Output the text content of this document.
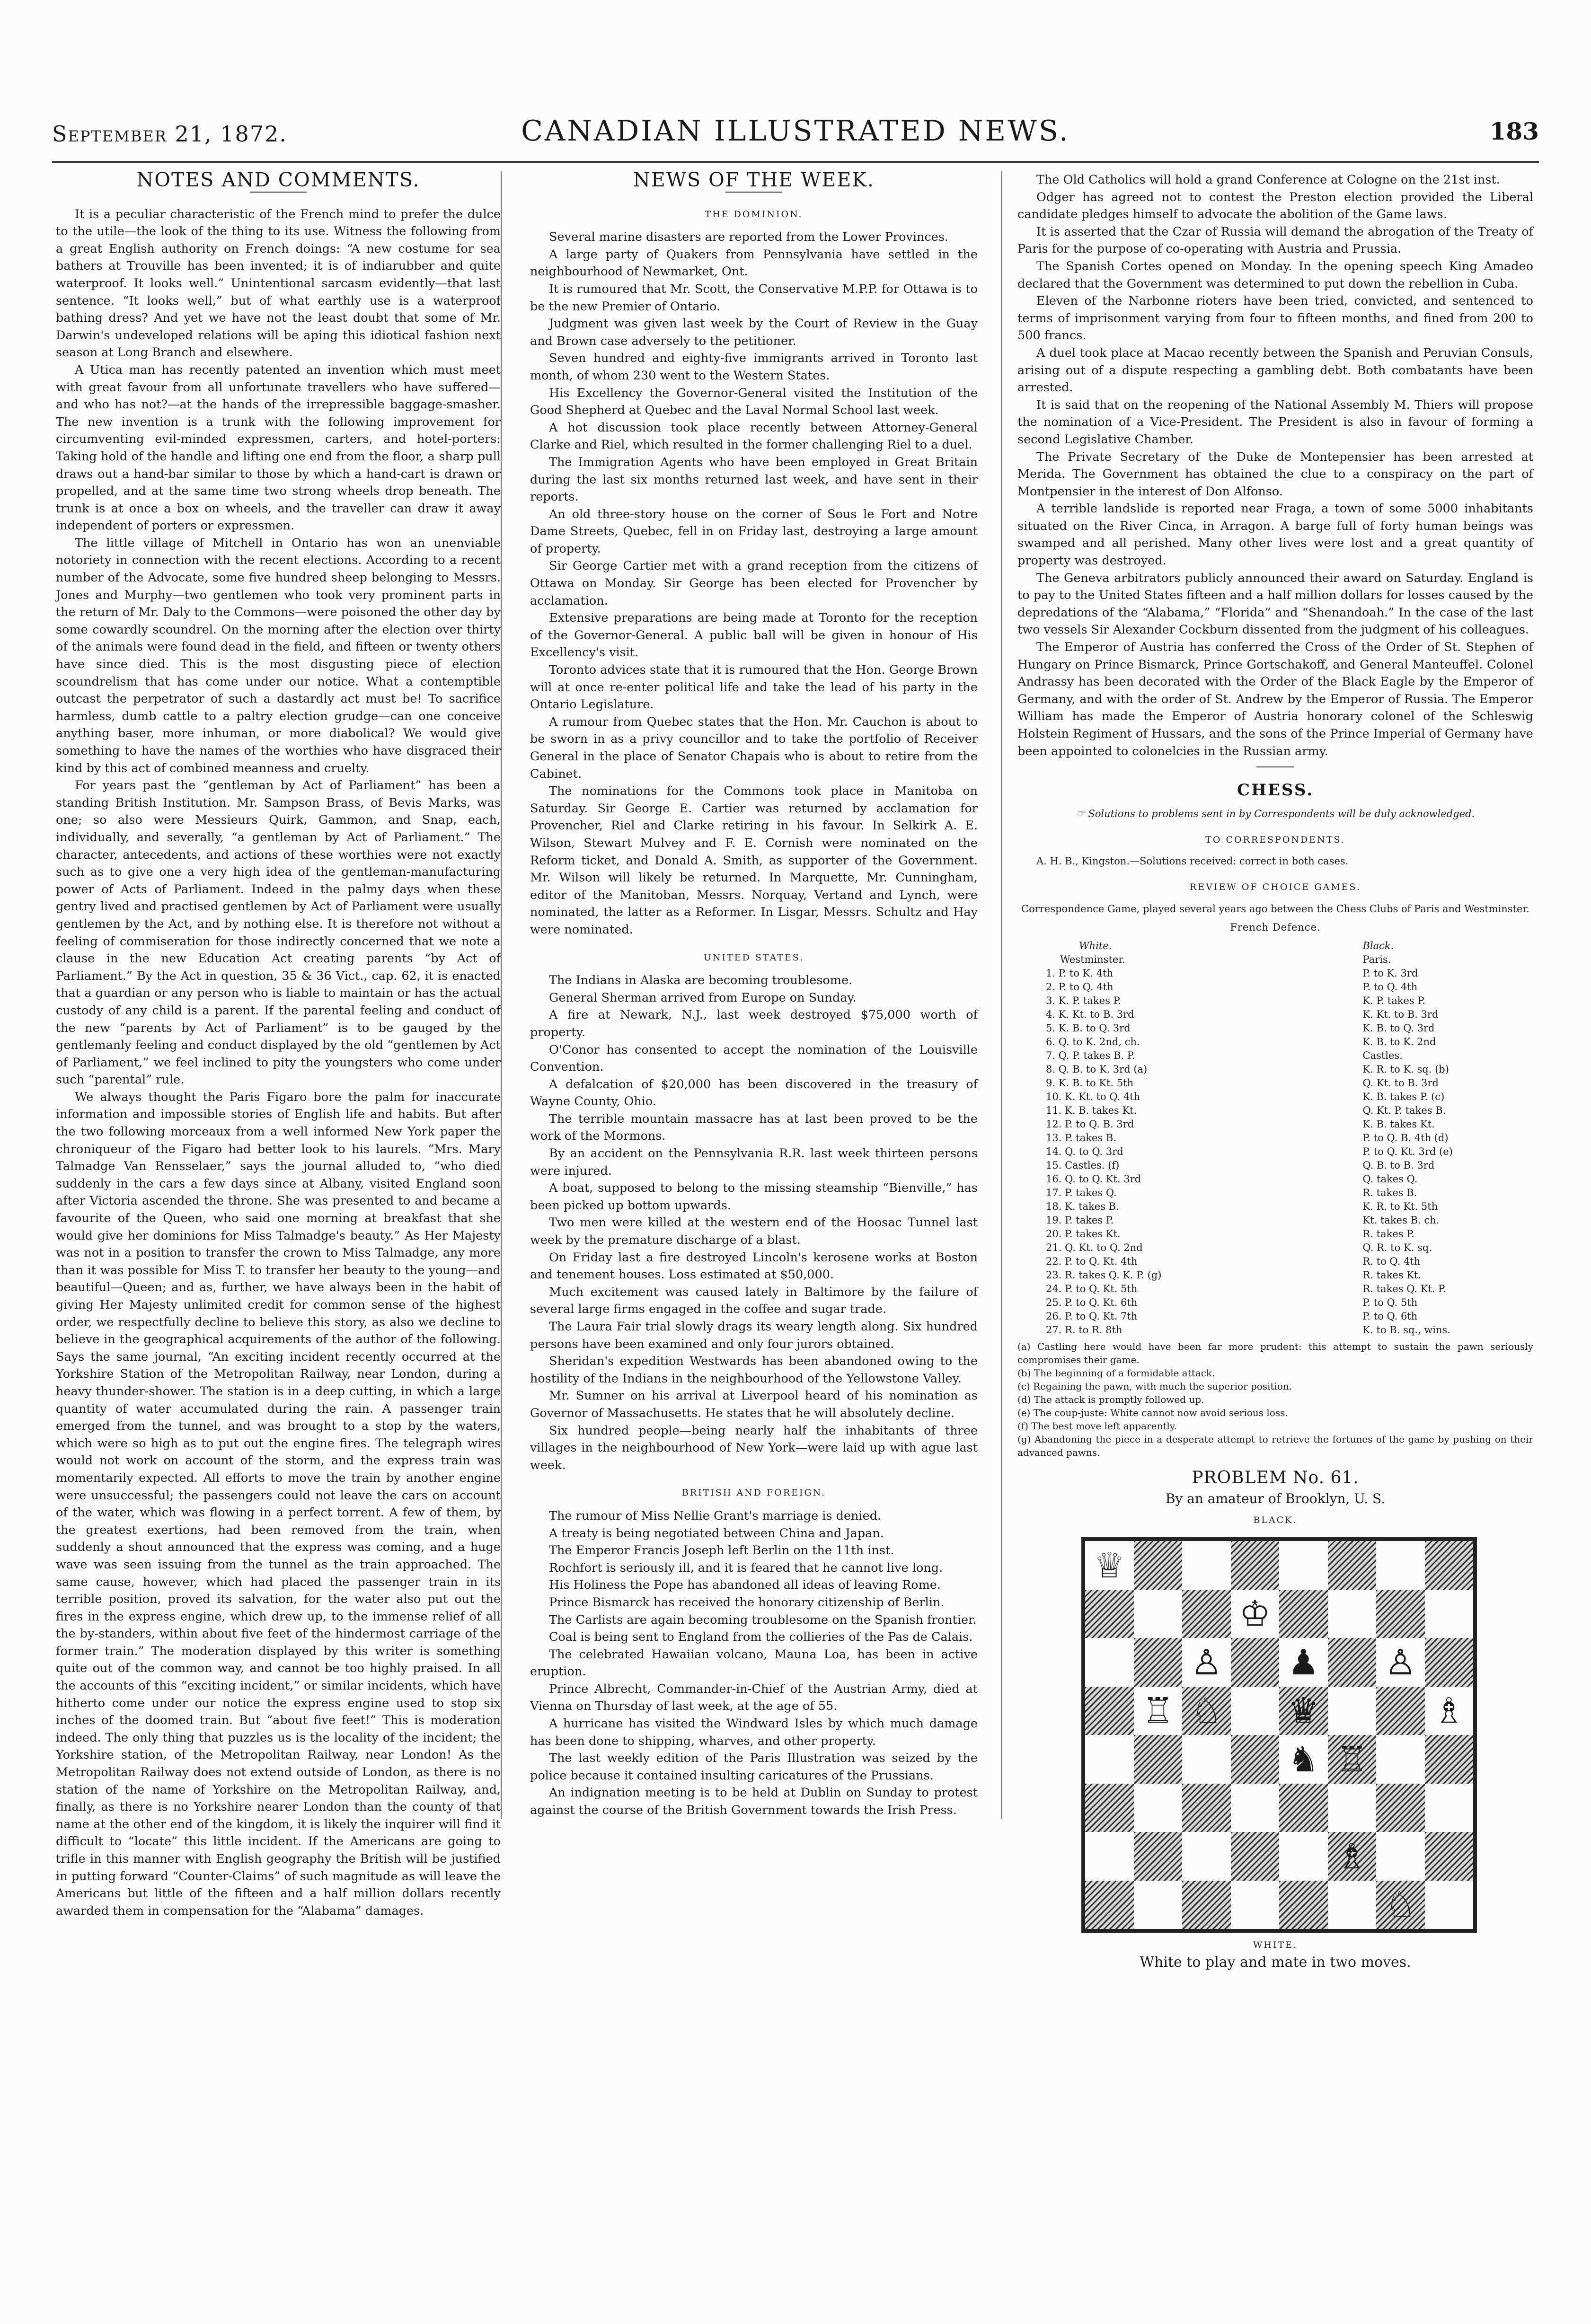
September 21, 1872.	CANADIAN ILLUSTRATED NEWS.	183
NOTES AND COMMENTS.

It is a peculiar characteristic of the French mind to prefer the dulce to the utile—the look of the thing to its use. Witness the following from a great English authority on French doings: “A new costume for sea bathers at Trouville has been invented; it is of indiarubber and quite waterproof. It looks well.” Unintentional sarcasm evidently—that last sentence. “It looks well,” but of what earthly use is a waterproof bathing dress? And yet we have not the least doubt that some of Mr. Darwin's undeveloped relations will be aping this idiotical fashion next season at Long Branch and elsewhere.

A Utica man has recently patented an invention which must meet with great favour from all unfortunate travellers who have suffered—and who has not?—at the hands of the irrepressible baggage-smasher. The new invention is a trunk with the following improvement for circumventing evil-minded expressmen, carters, and hotel-porters: Taking hold of the handle and lifting one end from the floor, a sharp pull draws out a hand-bar similar to those by which a hand-cart is drawn or propelled, and at the same time two strong wheels drop beneath. The trunk is at once a box on wheels, and the traveller can draw it away independent of porters or expressmen.

The little village of Mitchell in Ontario has won an unenviable notoriety in connection with the recent elections. According to a recent number of the Advocate, some five hundred sheep belonging to Messrs. Jones and Murphy—two gentlemen who took very prominent parts in the return of Mr. Daly to the Commons—were poisoned the other day by some cowardly scoundrel. On the morning after the election over thirty of the animals were found dead in the field, and fifteen or twenty others have since died. This is the most disgusting piece of election scoundrelism that has come under our notice. What a contemptible outcast the perpetrator of such a dastardly act must be! To sacrifice harmless, dumb cattle to a paltry election grudge—can one conceive anything baser, more inhuman, or more diabolical? We would give something to have the names of the worthies who have disgraced their kind by this act of combined meanness and cruelty.

For years past the “gentleman by Act of Parliament” has been a standing British Institution. Mr. Sampson Brass, of Bevis Marks, was one; so also were Messieurs Quirk, Gammon, and Snap, each, individually, and severally, “a gentleman by Act of Parliament.” The character, antecedents, and actions of these worthies were not exactly such as to give one a very high idea of the gentleman-manufacturing power of Acts of Parliament. Indeed in the palmy days when these gentry lived and practised gentlemen by Act of Parliament were usually gentlemen by the Act, and by nothing else. It is therefore not without a feeling of commiseration for those indirectly concerned that we note a clause in the new Education Act creating parents “by Act of Parliament.” By the Act in question, 35 & 36 Vict., cap. 62, it is enacted that a guardian or any person who is liable to maintain or has the actual custody of any child is a parent. If the parental feeling and conduct of the new “parents by Act of Parliament” is to be gauged by the gentlemanly feeling and conduct displayed by the old “gentlemen by Act of Parliament,” we feel inclined to pity the youngsters who come under such “parental” rule.

We always thought the Paris Figaro bore the palm for inaccurate information and impossible stories of English life and habits. But after the two following morceaux from a well informed New York paper the chroniqueur of the Figaro had better look to his laurels. “Mrs. Mary Talmadge Van Rensselaer,” says the journal alluded to, “who died suddenly in the cars a few days since at Albany, visited England soon after Victoria ascended the throne. She was presented to and became a favourite of the Queen, who said one morning at breakfast that she would give her dominions for Miss Talmadge's beauty.” As Her Majesty was not in a position to transfer the crown to Miss Talmadge, any more than it was possible for Miss T. to transfer her beauty to the young—and beautiful—Queen; and as, further, we have always been in the habit of giving Her Majesty unlimited credit for common sense of the highest order, we respectfully decline to believe this story, as also we decline to believe in the geographical acquirements of the author of the following. Says the same journal, “An exciting incident recently occurred at the Yorkshire Station of the Metropolitan Railway, near London, during a heavy thunder-shower. The station is in a deep cutting, in which a large quantity of water accumulated during the rain. A passenger train emerged from the tunnel, and was brought to a stop by the waters, which were so high as to put out the engine fires. The telegraph wires would not work on account of the storm, and the express train was momentarily expected. All efforts to move the train by another engine were unsuccessful; the passengers could not leave the cars on account of the water, which was flowing in a perfect torrent. A few of them, by the greatest exertions, had been removed from the train, when suddenly a shout announced that the express was coming, and a huge wave was seen issuing from the tunnel as the train approached. The same cause, however, which had placed the passenger train in its terrible position, proved its salvation, for the water also put out the fires in the express engine, which drew up, to the immense relief of all the by-standers, within about five feet of the hindermost carriage of the former train.” The moderation displayed by this writer is something quite out of the common way, and cannot be too highly praised. In all the accounts of this “exciting incident,” or similar incidents, which have hitherto come under our notice the express engine used to stop six inches of the doomed train. But “about five feet!” This is moderation indeed. The only thing that puzzles us is the locality of the incident; the Yorkshire station, of the Metropolitan Railway, near London! As the Metropolitan Railway does not extend outside of London, as there is no station of the name of Yorkshire on the Metropolitan Railway, and, finally, as there is no Yorkshire nearer London than the county of that name at the other end of the kingdom, it is likely the inquirer will find it difficult to “locate” this little incident. If the Americans are going to trifle in this manner with English geography the British will be justified in putting forward “Counter-Claims” of such magnitude as will leave the Americans but little of the fifteen and a half million dollars recently awarded them in compensation for the “Alabama” damages.

NEWS OF THE WEEK.
THE DOMINION.

Several marine disasters are reported from the Lower Provinces.

A large party of Quakers from Pennsylvania have settled in the neighbourhood of Newmarket, Ont.

It is rumoured that Mr. Scott, the Conservative M.P.P. for Ottawa is to be the new Premier of Ontario.

Judgment was given last week by the Court of Review in the Guay and Brown case adversely to the petitioner.

Seven hundred and eighty-five immigrants arrived in Toronto last month, of whom 230 went to the Western States.

His Excellency the Governor-General visited the Institution of the Good Shepherd at Quebec and the Laval Normal School last week.

A hot discussion took place recently between Attorney-General Clarke and Riel, which resulted in the former challenging Riel to a duel.

The Immigration Agents who have been employed in Great Britain during the last six months returned last week, and have sent in their reports.

An old three-story house on the corner of Sous le Fort and Notre Dame Streets, Quebec, fell in on Friday last, destroying a large amount of property.

Sir George Cartier met with a grand reception from the citizens of Ottawa on Monday. Sir George has been elected for Provencher by acclamation.

Extensive preparations are being made at Toronto for the reception of the Governor-General. A public ball will be given in honour of His Excellency's visit.

Toronto advices state that it is rumoured that the Hon. George Brown will at once re-enter political life and take the lead of his party in the Ontario Legislature.

A rumour from Quebec states that the Hon. Mr. Cauchon is about to be sworn in as a privy councillor and to take the portfolio of Receiver General in the place of Senator Chapais who is about to retire from the Cabinet.

The nominations for the Commons took place in Manitoba on Saturday. Sir George E. Cartier was returned by acclamation for Provencher, Riel and Clarke retiring in his favour. In Selkirk A. E. Wilson, Stewart Mulvey and F. E. Cornish were nominated on the Reform ticket, and Donald A. Smith, as supporter of the Government. Mr. Wilson will likely be returned. In Marquette, Mr. Cunningham, editor of the Manitoban, Messrs. Norquay, Vertand and Lynch, were nominated, the latter as a Reformer. In Lisgar, Messrs. Schultz and Hay were nominated.

UNITED STATES.

The Indians in Alaska are becoming troublesome.

General Sherman arrived from Europe on Sunday.

A fire at Newark, N.J., last week destroyed $75,000 worth of property.

O'Conor has consented to accept the nomination of the Louisville Convention.

A defalcation of $20,000 has been discovered in the treasury of Wayne County, Ohio.

The terrible mountain massacre has at last been proved to be the work of the Mormons.

By an accident on the Pennsylvania R.R. last week thirteen persons were injured.

A boat, supposed to belong to the missing steamship “Bienville,” has been picked up bottom upwards.

Two men were killed at the western end of the Hoosac Tunnel last week by the premature discharge of a blast.

On Friday last a fire destroyed Lincoln's kerosene works at Boston and tenement houses. Loss estimated at $50,000.

Much excitement was caused lately in Baltimore by the failure of several large firms engaged in the coffee and sugar trade.

The Laura Fair trial slowly drags its weary length along. Six hundred persons have been examined and only four jurors obtained.

Sheridan's expedition Westwards has been abandoned owing to the hostility of the Indians in the neighbourhood of the Yellowstone Valley.

Mr. Sumner on his arrival at Liverpool heard of his nomination as Governor of Massachusetts. He states that he will absolutely decline.

Six hundred people—being nearly half the inhabitants of three villages in the neighbourhood of New York—were laid up with ague last week.

BRITISH AND FOREIGN.

The rumour of Miss Nellie Grant's marriage is denied.

A treaty is being negotiated between China and Japan.

The Emperor Francis Joseph left Berlin on the 11th inst.

Rochfort is seriously ill, and it is feared that he cannot live long.

His Holiness the Pope has abandoned all ideas of leaving Rome.

Prince Bismarck has received the honorary citizenship of Berlin.

The Carlists are again becoming troublesome on the Spanish frontier.

Coal is being sent to England from the collieries of the Pas de Calais.

The celebrated Hawaiian volcano, Mauna Loa, has been in active eruption.

Prince Albrecht, Commander-in-Chief of the Austrian Army, died at Vienna on Thursday of last week, at the age of 55.

A hurricane has visited the Windward Isles by which much damage has been done to shipping, wharves, and other property.

The last weekly edition of the Paris Illustration was seized by the police because it contained insulting caricatures of the Prussians.

An indignation meeting is to be held at Dublin on Sunday to protest against the course of the British Government towards the Irish Press.

The Old Catholics will hold a grand Conference at Cologne on the 21st inst.

Odger has agreed not to contest the Preston election provided the Liberal candidate pledges himself to advocate the abolition of the Game laws.

It is asserted that the Czar of Russia will demand the abrogation of the Treaty of Paris for the purpose of co-operating with Austria and Prussia.

The Spanish Cortes opened on Monday. In the opening speech King Amadeo declared that the Government was determined to put down the rebellion in Cuba.

Eleven of the Narbonne rioters have been tried, convicted, and sentenced to terms of imprisonment varying from four to fifteen months, and fined from 200 to 500 francs.

A duel took place at Macao recently between the Spanish and Peruvian Consuls, arising out of a dispute respecting a gambling debt. Both combatants have been arrested.

It is said that on the reopening of the National Assembly M. Thiers will propose the nomination of a Vice-President. The President is also in favour of forming a second Legislative Chamber.

The Private Secretary of the Duke de Montepensier has been arrested at Merida. The Government has obtained the clue to a conspiracy on the part of Montpensier in the interest of Don Alfonso.

A terrible landslide is reported near Fraga, a town of some 5000 inhabitants situated on the River Cinca, in Arragon. A barge full of forty human beings was swamped and all perished. Many other lives were lost and a great quantity of property was destroyed.

The Geneva arbitrators publicly announced their award on Saturday. England is to pay to the United States fifteen and a half million dollars for losses caused by the depredations of the “Alabama,” “Florida” and “Shenandoah.” In the case of the last two vessels Sir Alexander Cockburn dissented from the judgment of his colleagues.

The Emperor of Austria has conferred the Cross of the Order of St. Stephen of Hungary on Prince Bismarck, Prince Gortschakoff, and General Manteuffel. Colonel Andrassy has been decorated with the Order of the Black Eagle by the Emperor of Germany, and with the order of St. Andrew by the Emperor of Russia. The Emperor William has made the Emperor of Austria honorary colonel of the Schleswig Holstein Regiment of Hussars, and the sons of the Prince Imperial of Germany have been appointed to colonelcies in the Russian army.

CHESS.

☞ Solutions to problems sent in by Correspondents will be duly acknowledged.

TO CORRESPONDENTS.

A. H. B., Kingston.—Solutions received: correct in both cases.

REVIEW OF CHOICE GAMES.

Correspondence Game, played several years ago between the Chess Clubs of Paris and Westminster.

French Defence.
White.	Black.
Westminster.	Paris.
1. P. to K. 4th	P. to K. 3rd
2. P. to Q. 4th	P. to Q. 4th
3. K. P. takes P.	K. P. takes P.
4. K. Kt. to B. 3rd	K. Kt. to B. 3rd
5. K. B. to Q. 3rd	K. B. to Q. 3rd
6. Q. to K. 2nd, ch.	K. B. to K. 2nd
7. Q. P. takes B. P.	Castles.
8. Q. B. to K. 3rd (a)	K. R. to K. sq. (b)
9. K. B. to Kt. 5th	Q. Kt. to B. 3rd
10. K. Kt. to Q. 4th	K. B. takes P. (c)
11. K. B. takes Kt.	Q. Kt. P. takes B.
12. P. to Q. B. 3rd	K. B. takes Kt.
13. P. takes B.	P. to Q. B. 4th (d)
14. Q. to Q. 3rd	P. to Q. Kt. 3rd (e)
15. Castles. (f)	Q. B. to B. 3rd
16. Q. to Q. Kt. 3rd	Q. takes Q.
17. P. takes Q.	R. takes B.
18. K. takes B.	K. R. to Kt. 5th
19. P. takes P.	Kt. takes B. ch.
20. P. takes Kt.	R. takes P.
21. Q. Kt. to Q. 2nd	Q. R. to K. sq.
22. P. to Q. Kt. 4th	R. to Q. 4th
23. R. takes Q. K. P. (g)	R. takes Kt.
24. P. to Q. Kt. 5th	R. takes Q. Kt. P.
25. P. to Q. Kt. 6th	P. to Q. 5th
26. P. to Q. Kt. 7th	P. to Q. 6th
27. R. to R. 8th	K. to B. sq., wins.

(a) Castling here would have been far more prudent: this attempt to sustain the pawn seriously compromises their game.

(b) The beginning of a formidable attack.

(c) Regaining the pawn, with much the superior position.

(d) The attack is promptly followed up.

(e) The coup-juste: White cannot now avoid serious loss.

(f) The best move left apparently.

(g) Abandoning the piece in a desperate attempt to retrieve the fortunes of the game by pushing on their advanced pawns.

PROBLEM No. 61.

By an amateur of Brooklyn, U. S.

BLACK.
♕
♔
♙ ♟ ♙
♖ ♘ ♛	♗
♞ ♖
♗
♘
WHITE.

White to play and mate in two moves.
